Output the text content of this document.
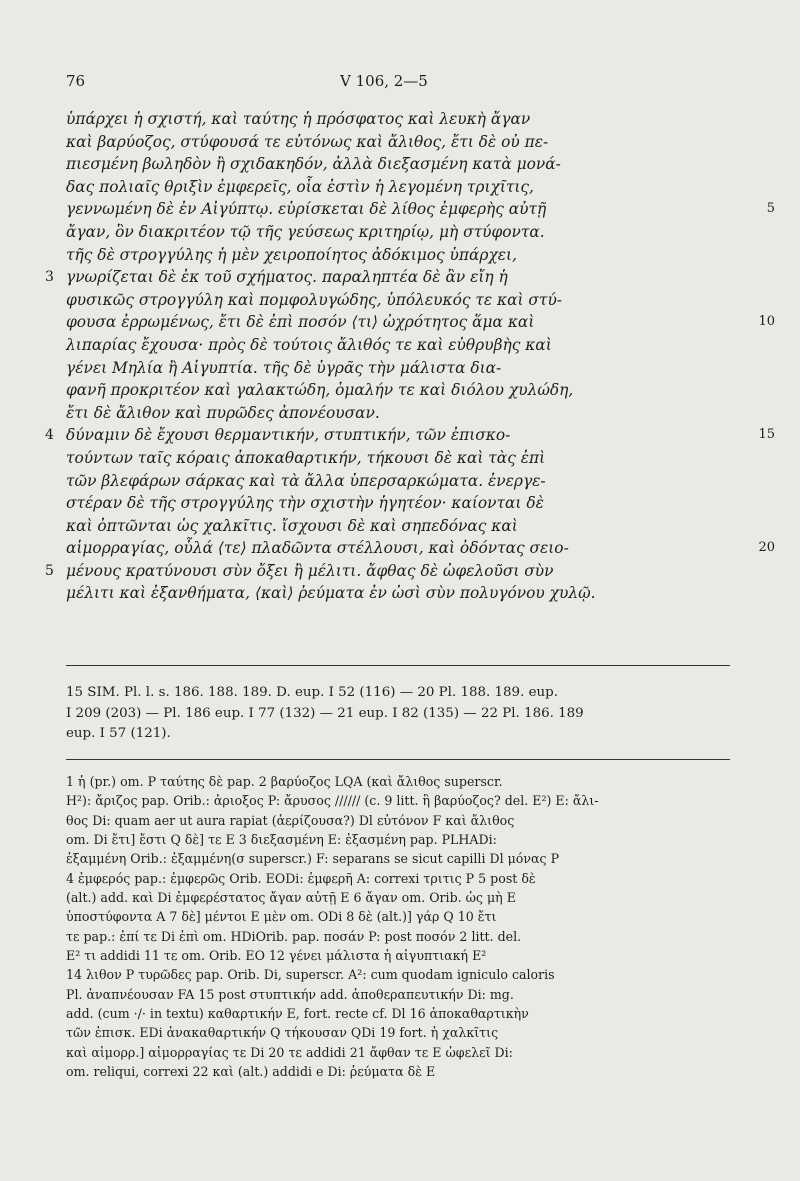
76	V 106, 2—5
ὑπάρχει ἡ σχιστή, καὶ ταύτης ἡ πρόσφατος καὶ λευκὴ ἄγαν
καὶ βαρύοζος, στύφουσά τε εὐτόνως καὶ ἄλιθος, ἔτι δὲ οὐ πε-
πιεσμένη βωληδὸν ἢ σχιδακηδόν, ἀλλὰ διεξασμένη κατὰ μονά-
δας πολιαῖς θριξὶν ἐμφερεῖς, οἷα ἐστὶν ἡ λεγομένη τριχῖτις,
γεννωμένη δὲ ἐν Αἰγύπτῳ. εὑρίσκεται δὲ λίθος ἐμφερὴς αὐτῇ	5
ἄγαν, ὃν διακριτέον τῷ τῆς γεύσεως κριτηρίῳ, μὴ στύφοντα.
τῆς δὲ στρογγύλης ἡ μὲν χειροποίητος ἀδόκιμος ὑπάρχει,
γνωρίζεται δὲ ἐκ τοῦ σχήματος. παραληπτέα δὲ ἂν εἴη ἡ
3
φυσικῶς στρογγύλη καὶ πομφολυγώδης, ὑπόλευκός τε καὶ στύ-
φουσα ἐρρωμένως, ἔτι δὲ ἐπὶ ποσόν ⟨τι⟩ ὠχρότητος ἅμα καὶ	10
λιπαρίας ἔχουσα· πρὸς δὲ τούτοις ἄλιθός τε καὶ εὐθρυβὴς καὶ
γένει Μηλία ἢ Αἰγυπτία. τῆς δὲ ὑγρᾶς τὴν μάλιστα δια-
φανῆ προκριτέον καὶ γαλακτώδη, ὁμαλήν τε καὶ διόλου χυλώδη,
ἔτι δὲ ἄλιθον καὶ πυρῶδες ἀπονέουσαν.
δύναμιν δὲ ἔχουσι θερμαντικήν, στυπτικήν, τῶν ἐπισκο-
4	15
τούντων ταῖς κόραις ἀποκαθαρτικήν, τήκουσι δὲ καὶ τὰς ἐπὶ
τῶν βλεφάρων σάρκας καὶ τὰ ἄλλα ὑπερσαρκώματα. ἐνεργε-
στέραν δὲ τῆς στρογγύλης τὴν σχιστὴν ἡγητέον· καίονται δὲ
καὶ ὀπτῶνται ὡς χαλκῖτις. ἴσχουσι δὲ καὶ σηπεδόνας καὶ
αἱμορραγίας, οὖλά ⟨τε⟩ πλαδῶντα στέλλουσι, καὶ ὀδόντας σειο-	20
μένους κρατύνουσι σὺν ὄξει ἢ μέλιτι. ἄφθας δὲ ὠφελοῦσι σὺν
5
μέλιτι καὶ ἐξανθήματα, ⟨καὶ⟩ ῥεύματα ἐν ὠσὶ σὺν πολυγόνου χυλῷ.
15 SIM. Pl. l. s. 186. 188. 189. D. eup. I 52 (116) — 20 Pl. 188. 189. eup.
I 209 (203) — Pl. 186 eup. I 77 (132) — 21 eup. I 82 (135) — 22 Pl. 186. 189
eup. I 57 (121).
1 ἡ (pr.) om. P ταύτης δὲ pap. 2 βαρύοζος LQA (καὶ ἄλιθος superscr.
H²): ἄριζος pap. Orib.: ἀριοξος P: ἄρυσος ////// (c. 9 litt. ἢ βαρύοζος? del. E²) E: ἄλι-
θος Di: quam aer ut aura rapiat (ἀερίζουσα?) Dl εὐτόνον F καὶ ἄλιθος
om. Di ἔτι] ἔστι Q δὲ] τε E 3 διεξασμένη E: ἐξασμένη pap. PLHADi:
ἐξαμμένη Orib.: ἐξαμμένη(σ superscr.) F: separans se sicut capilli Dl μόνας P
4 ἐμφερός pap.: ἐμφερῶς Orib. EODi: ἐμφερῆ A: correxi τριτις P 5 post δὲ
(alt.) add. καὶ Di ἐμφερέστατος ἄγαν αὐτῇ E 6 ἄγαν om. Orib. ὡς μὴ E
ὑποστύφοντα A 7 δὲ] μέντοι E μὲν om. ODi 8 δὲ (alt.)] γάρ Q 10 ἔτι
τε pap.: ἐπί τε Di ἐπὶ om. HDiOrib. pap. ποσάν P: post ποσόν 2 litt. del.
E² τι addidi 11 τε om. Orib. EO 12 γένει μάλιστα ἡ αἰγυπτιακή E²
14 λιθον P τυρῶδες pap. Orib. Di, superscr. A²: cum quodam igniculo caloris
Pl. ἀναπνέουσαν FA 15 post στυπτικήν add. ἀποθεραπευτικήν Di: mg.
add. (cum ·/· in textu) καθαρτικήν E, fort. recte cf. Dl 16 ἀποκαθαρτικὴν
τῶν ἐπισκ. EDi ἀνακαθαρτικήν Q τήκουσαν QDi 19 fort. ἡ χαλκῖτις
καὶ αἱμορρ.] αἱμορραγίας τε Di 20 τε addidi 21 ἄφθαν τε E ὠφελεῖ Di:
om. reliqui, correxi 22 καὶ (alt.) addidi e Di: ῥεύματα δὲ E
